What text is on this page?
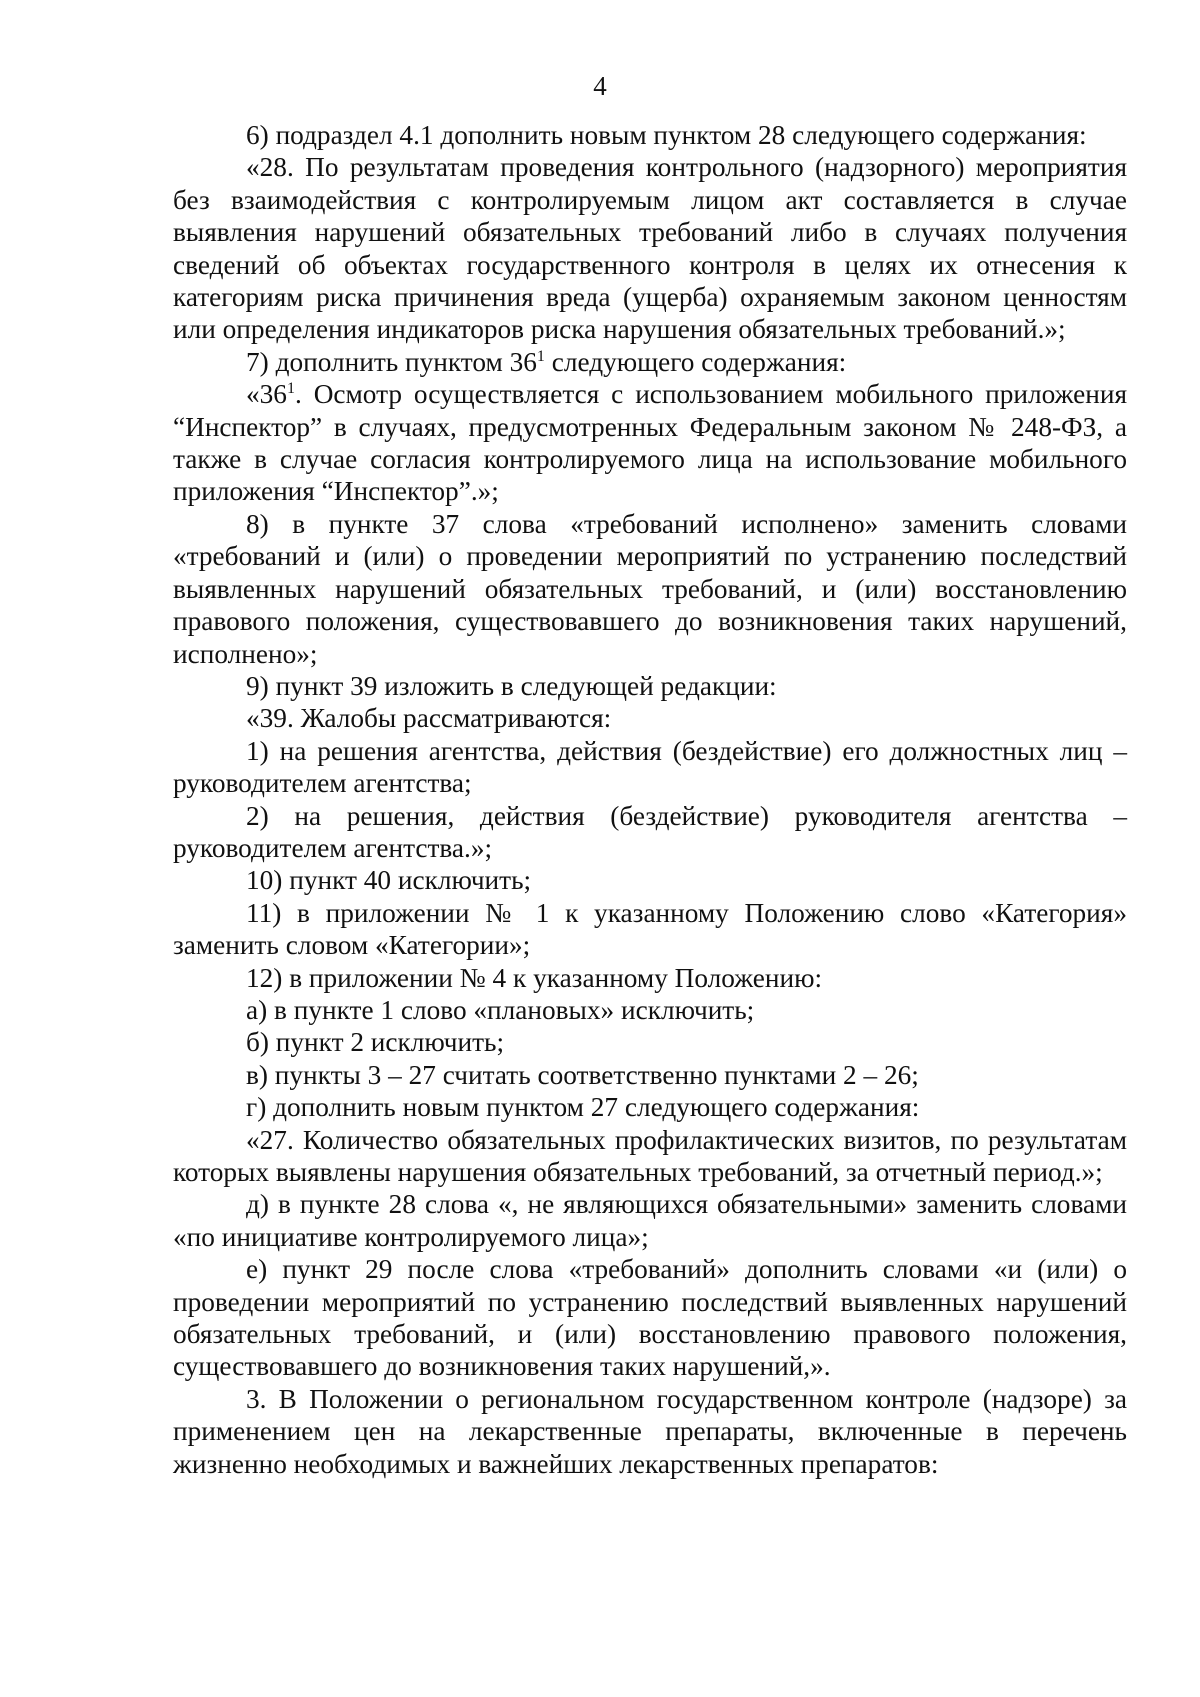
4

6) подраздел 4.1 дополнить новым пунктом 28 следующего содержания:

«28. По результатам проведения контрольного (надзорного) мероприятия без взаимодействия с контролируемым лицом акт составляется в случае выявления нарушений обязательных требований либо в случаях получения сведений об объектах государственного контроля в целях их отнесения к категориям риска причинения вреда (ущерба) охраняемым законом ценностям или определения индикаторов риска нарушения обязательных требований.»;

7) дополнить пунктом $36^1$ следующего содержания:

«$36^1$. Осмотр осуществляется с использованием мобильного приложения “Инспектор” в случаях, предусмотренных Федеральным законом № 248-ФЗ, а также в случае согласия контролируемого лица на использование мобильного приложения “Инспектор”.»;

8) в пункте 37 слова «требований исполнено» заменить словами «требований и (или) о проведении мероприятий по устранению последствий выявленных нарушений обязательных требований, и (или) восстановлению правового положения, существовавшего до возникновения таких нарушений, исполнено»;

9) пункт 39 изложить в следующей редакции:

«39. Жалобы рассматриваются:

1) на решения агентства, действия (бездействие) его должностных лиц – руководителем агентства;

2) на решения, действия (бездействие) руководителя агентства – руководителем агентства.»;

10) пункт 40 исключить;

11) в приложении № 1 к указанному Положению слово «Категория» заменить словом «Категории»;

12) в приложении № 4 к указанному Положению:

а) в пункте 1 слово «плановых» исключить;

б) пункт 2 исключить;

в) пункты 3 – 27 считать соответственно пунктами 2 – 26;

г) дополнить новым пунктом 27 следующего содержания:

«27. Количество обязательных профилактических визитов, по результатам которых выявлены нарушения обязательных требований, за отчетный период.»;

д) в пункте 28 слова «, не являющихся обязательными» заменить словами «по инициативе контролируемого лица»;

е) пункт 29 после слова «требований» дополнить словами «и (или) о проведении мероприятий по устранению последствий выявленных нарушений обязательных требований, и (или) восстановлению правового положения, существовавшего до возникновения таких нарушений,».

3. В Положении о региональном государственном контроле (надзоре) за применением цен на лекарственные препараты, включенные в перечень жизненно необходимых и важнейших лекарственных препаратов:
